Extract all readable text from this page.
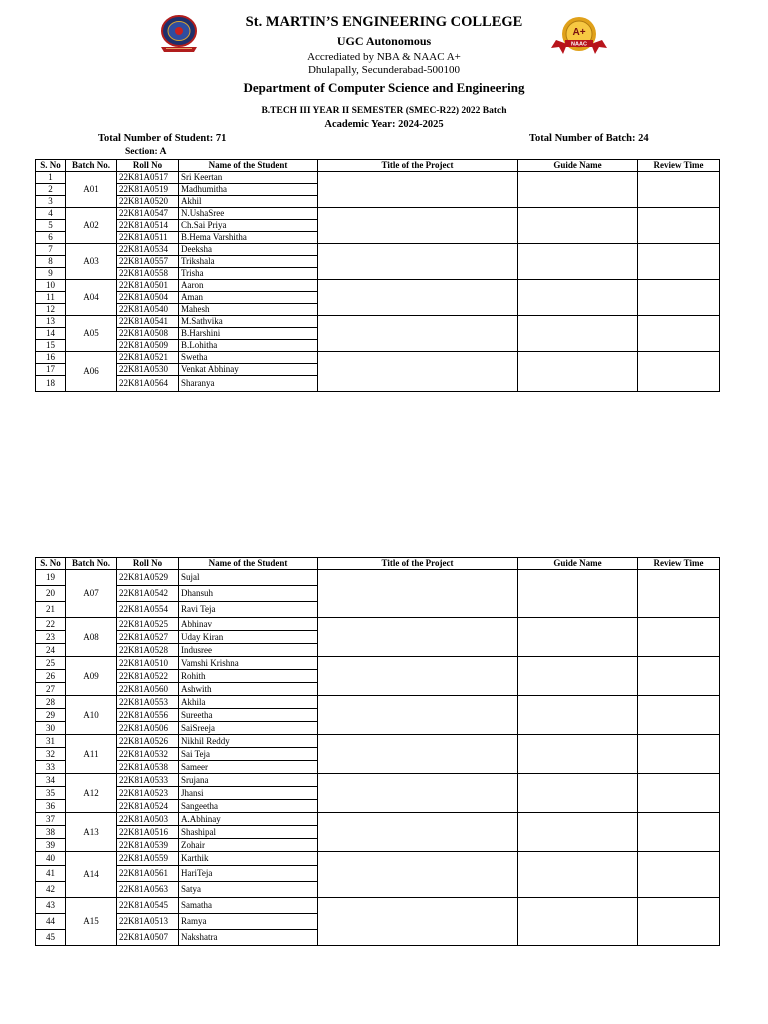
A+
NAAC
St. MARTIN’S ENGINEERING COLLEGE
UGC Autonomous
Accrediated by NBA & NAAC A+
Dhulapally, Secunderabad-500100
Department of Computer Science and Engineering
B.TECH III YEAR II SEMESTER (SMEC-R22) 2022 Batch
Academic Year: 2024-2025
Total Number of Student: 71	Total Number of Batch: 24
Section: A
S. No	Batch No.	Roll No	Name of the Student	Title of the Project	Guide Name	Review Time
1	A01	22K81A0517	Sri Keertan			
2		22K81A0519	Madhumitha			
3		22K81A0520	Akhil			
4	A02	22K81A0547	N.UshaSree			
5		22K81A0514	Ch.Sai Priya			
6		22K81A0511	B.Hema Varshitha			
7	A03	22K81A0534	Deeksha			
8		22K81A0557	Trikshala			
9		22K81A0558	Trisha			
10	A04	22K81A0501	Aaron			
11		22K81A0504	Aman			
12		22K81A0540	Mahesh			
13	A05	22K81A0541	M.Sathvika			
14		22K81A0508	B.Harshini			
15		22K81A0509	B.Lohitha			
16	A06	22K81A0521	Swetha			
17		22K81A0530	Venkat Abhinay			
18		22K81A0564	Sharanya			
S. No	Batch No.	Roll No	Name of the Student	Title of the Project	Guide Name	Review Time
19	A07	22K81A0529	Sujal			
20		22K81A0542	Dhansuh			
21		22K81A0554	Ravi Teja			
22	A08	22K81A0525	Abhinav			
23		22K81A0527	Uday Kiran			
24		22K81A0528	Indusree			
25	A09	22K81A0510	Vamshi Krishna			
26		22K81A0522	Rohith			
27		22K81A0560	Ashwith			
28	A10	22K81A0553	Akhila			
29		22K81A0556	Sureetha			
30		22K81A0506	SaiSreeja			
31	A11	22K81A0526	Nikhil Reddy			
32		22K81A0532	Sai Teja			
33		22K81A0538	Sameer			
34	A12	22K81A0533	Srujana			
35		22K81A0523	Jhansi			
36		22K81A0524	Sangeetha			
37	A13	22K81A0503	A.Abhinay			
38		22K81A0516	Shashipal			
39		22K81A0539	Zohair			
40	A14	22K81A0559	Karthik			
41		22K81A0561	HariTeja			
42		22K81A0563	Satya			
43	A15	22K81A0545	Samatha			
44		22K81A0513	Ramya			
45		22K81A0507	Nakshatra			
